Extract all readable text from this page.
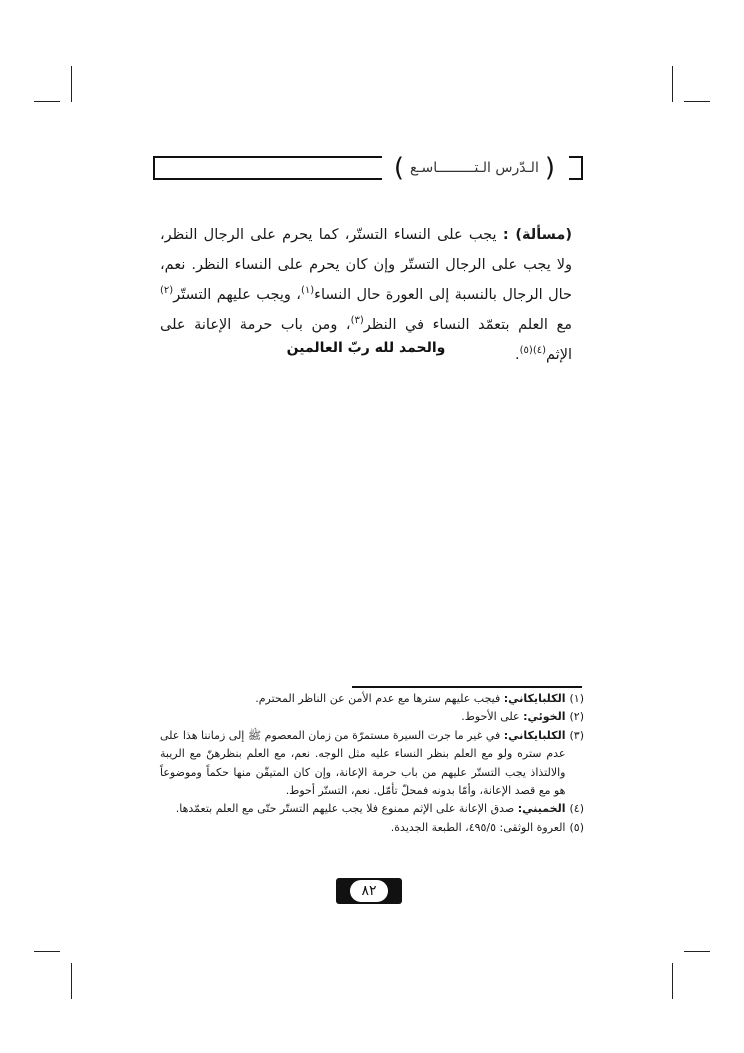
(
الـدّرس الـتـــــــــاسـع
)

(مسألة) : يجب على النساء التستّر، كما يحرم على الرجال النظر، ولا يجب على الرجال التستّر وإن كان يحرم على النساء النظر. نعم، حال الرجال بالنسبة إلى العورة حال النساء$^{(١)}$، ويجب عليهم التستّر$^{(٢)}$ مع العلم بتعمّد النساء في النظر$^{(٣)}$، ومن باب حرمة الإعانة على الإثم$^{(٤)(٥)}$.

والحمد لله ربّ العالمين
(١)
الكلبايكاني: فيجب عليهم سترها مع عدم الأمن عن الناظر المحترم.
(٢)
الخوئي: على الأحوط.
(٣)
الكلبايكاني: في غير ما جرت السيرة مستمرّة من زمان المعصوم ﷺ إلى زماننا هذا على عدم ستره ولو مع العلم بنظر النساء عليه مثل الوجه. نعم، مع العلم بنظرهنّ مع الريبة والالتذاذ يجب التستّر عليهم من باب حرمة الإعانة، وإن كان المتيقّن منها حكماً وموضوعاً هو مع قصد الإعانة، وأمّا بدونه فمحلّ تأمّل. نعم، التستّر أحوط.
(٤)
الخميني: صدق الإعانة على الإثم ممنوع فلا يجب عليهم التستّر حتّى مع العلم بتعمّدها.
(٥)
العروة الوثقى: ٤٩٥/٥، الطبعة الجديدة.
٨٢
